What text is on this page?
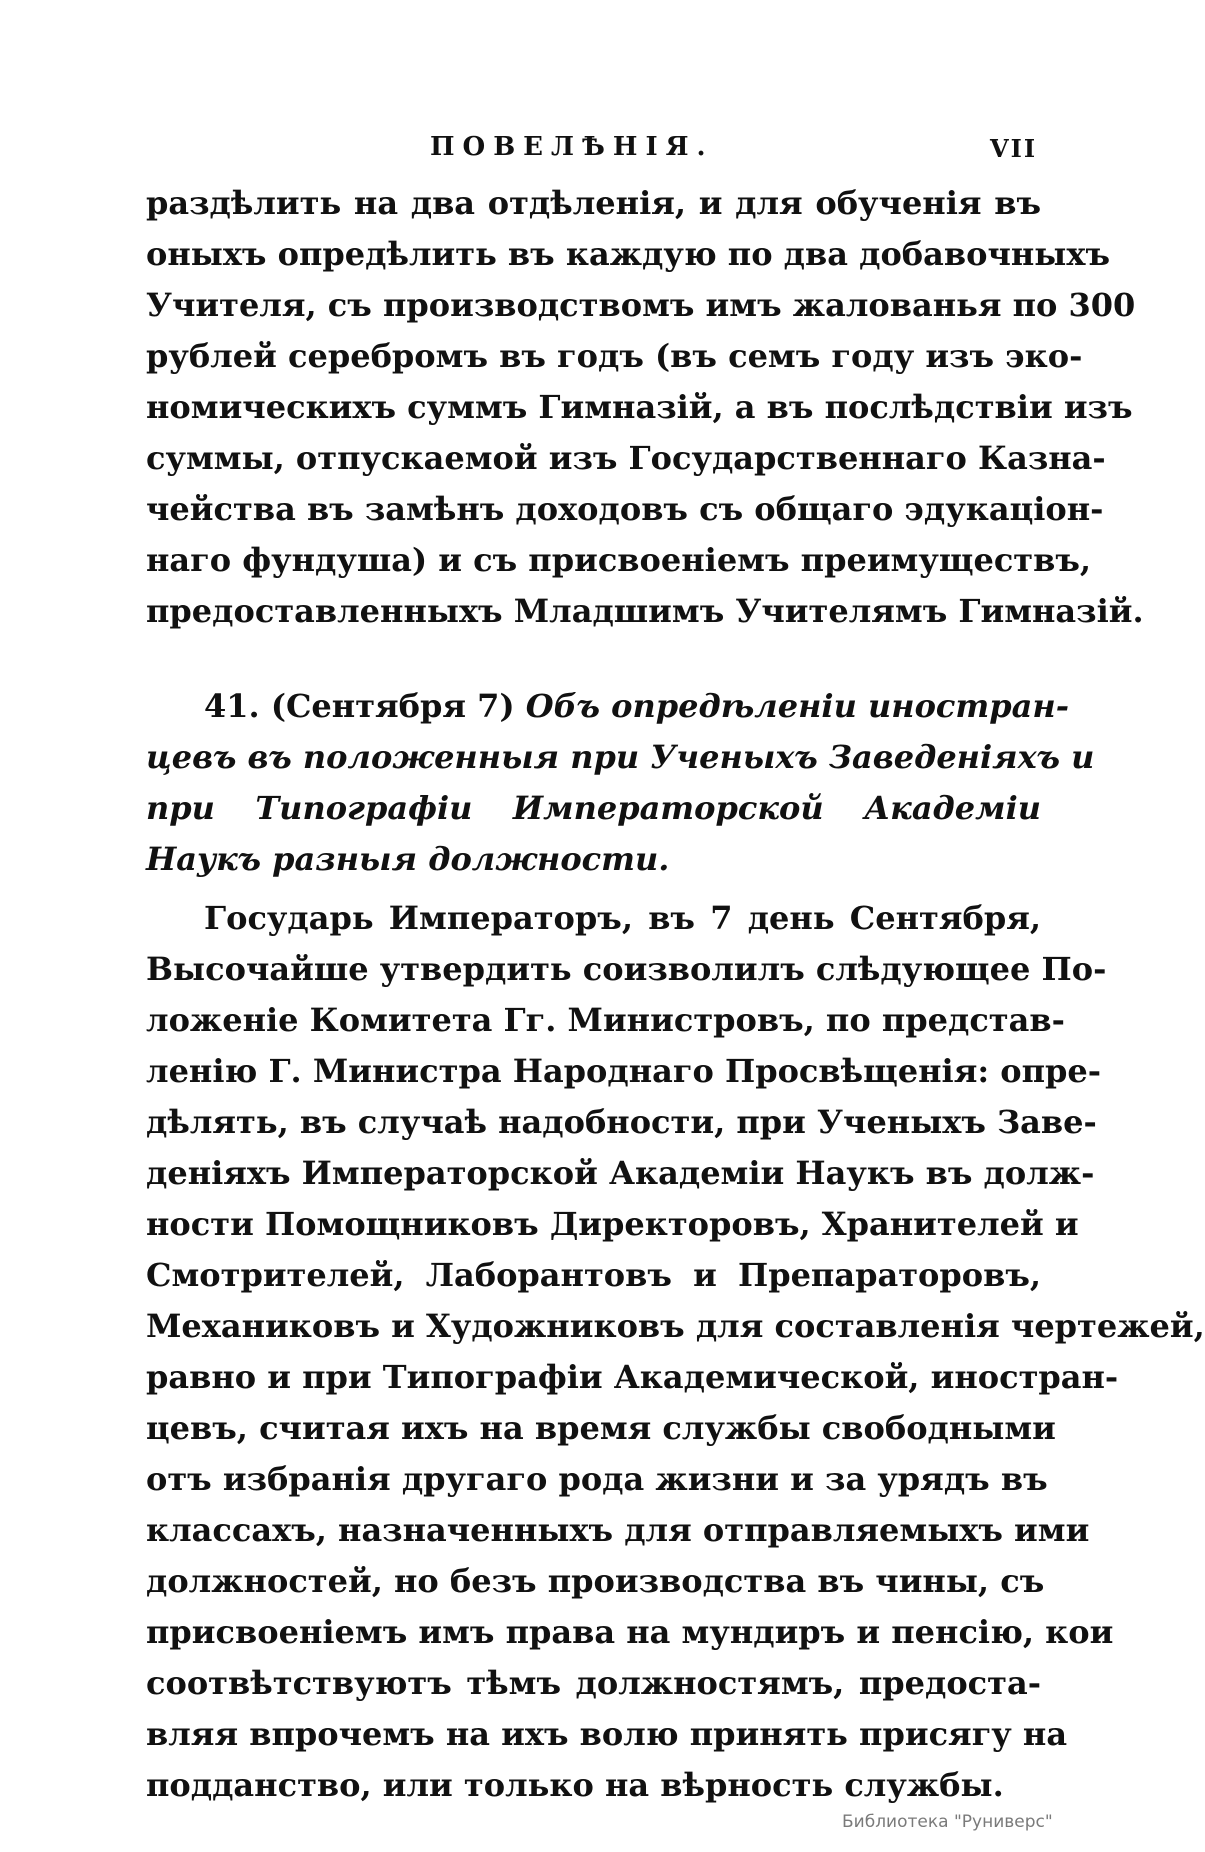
ПОВЕЛѢНІЯ.	VII
раздѣлить на два отдѣленія, и для обученія въ
оныхъ опредѣлить въ каждую по два добавочныхъ
Учителя, съ производствомъ имъ жалованья по 300
рублей серебромъ въ годъ (въ семъ году изъ эко-
номическихъ суммъ Гимназій, а въ послѣдствіи изъ
суммы, отпускаемой изъ Государственнаго Казна-
чейства въ замѣнъ доходовъ съ общаго эдукаціон-
наго фундуша) и съ присвоеніемъ преимуществъ,
предоставленныхъ Младшимъ Учителямъ Гимназій.
41. (Сентября 7) Объ опредѣленіи иностран-
цевъ въ положенныя при Ученыхъ Заведеніяхъ и
при Типографіи Императорской Академіи
Наукъ разныя должности.
Государь Императоръ, въ 7 день Сентября,
Высочайше утвердить соизволилъ слѣдующее По-
ложеніе Комитета Гг. Министровъ, по представ-
ленію Г. Министра Народнаго Просвѣщенія: опре-
дѣлять, въ случаѣ надобности, при Ученыхъ Заве-
деніяхъ Императорской Академіи Наукъ въ долж-
ности Помощниковъ Директоровъ, Хранителей и
Смотрителей, Лаборантовъ и Препараторовъ,
Механиковъ и Художниковъ для составленія чертежей,
равно и при Типографіи Академической, иностран-
цевъ, считая ихъ на время службы свободными
отъ избранія другаго рода жизни и за урядъ въ
классахъ, назначенныхъ для отправляемыхъ ими
должностей, но безъ производства въ чины, съ
присвоеніемъ имъ права на мундиръ и пенсію, кои
соотвѣтствуютъ тѣмъ должностямъ, предоста-
вляя впрочемъ на ихъ волю принять присягу на
подданство, или только на вѣрность службы.
Библиотека "Руниверс"
